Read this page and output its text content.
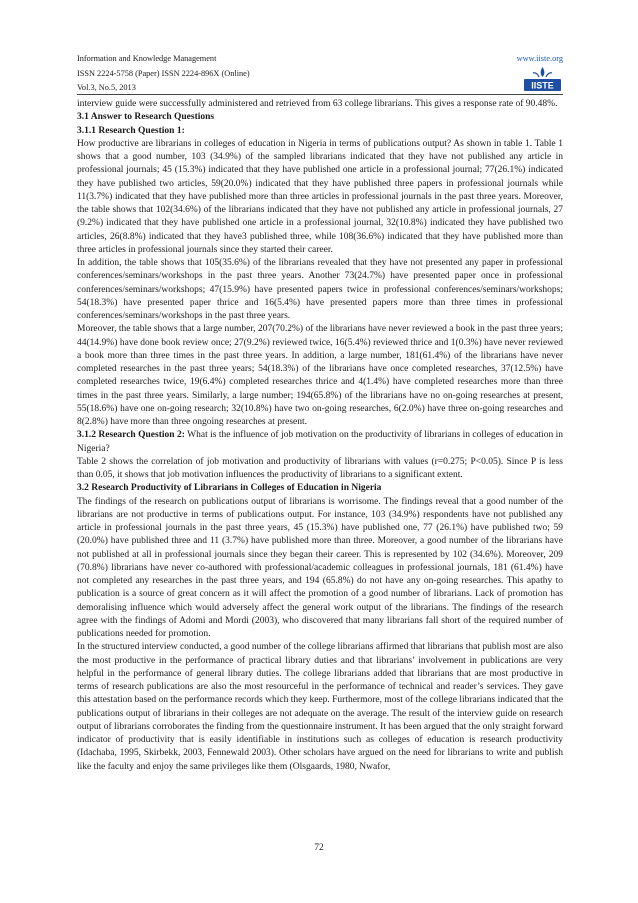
Information and Knowledge Management
ISSN 2224-5758 (Paper) ISSN 2224-896X (Online)
Vol.3, No.5, 2013
www.iiste.org
IISTE

interview guide were successfully administered and retrieved from 63 college librarians. This gives a response rate of 90.48%.

3.1 Answer to Research Questions
3.1.1 Research Question 1:

How productive are librarians in colleges of education in Nigeria in terms of publications output? As shown in table 1. Table 1 shows that a good number, 103 (34.9%) of the sampled librarians indicated that they have not published any article in professional journals; 45 (15.3%) indicated that they have published one article in a professional journal; 77(26.1%) indicated they have published two articles, 59(20.0%) indicated that they have published three papers in professional journals while 11(3.7%) indicated that they have published more than three articles in professional journals in the past three years. Moreover, the table shows that 102(34.6%) of the librarians indicated that they have not published any article in professional journals, 27 (9.2%) indicated that they have published one article in a professional journal, 32(10.8%) indicated they have published two articles, 26(8.8%) indicated that they have3 published three, while 108(36.6%) indicated that they have published more than three articles in professional journals since they started their career.

In addition, the table shows that 105(35.6%) of the librarians revealed that they have not presented any paper in professional conferences/seminars/workshops in the past three years. Another 73(24.7%) have presented paper once in professional conferences/seminars/workshops; 47(15.9%) have presented papers twice in professional conferences/seminars/workshops; 54(18.3%) have presented paper thrice and 16(5.4%) have presented papers more than three times in professional conferences/seminars/workshops in the past three years.

Moreover, the table shows that a large number, 207(70.2%) of the librarians have never reviewed a book in the past three years; 44(14.9%) have done book review once; 27(9.2%) reviewed twice, 16(5.4%) reviewed thrice and 1(0.3%) have never reviewed a book more than three times in the past three years. In addition, a large number, 181(61.4%) of the librarians have never completed researches in the past three years; 54(18.3%) of the librarians have once completed researches, 37(12.5%) have completed researches twice, 19(6.4%) completed researches thrice and 4(1.4%) have completed researches more than three times in the past three years. Similarly, a large number; 194(65.8%) of the librarians have no on-going researches at present, 55(18.6%) have one on-going research; 32(10.8%) have two on-going researches, 6(2.0%) have three on-going researches and 8(2.8%) have more than three ongoing researches at present.

3.1.2 Research Question 2: What is the influence of job motivation on the productivity of librarians in colleges of education in Nigeria?

Table 2 shows the correlation of job motivation and productivity of librarians with values (r=0.275; P<0.05). Since P is less than 0.05, it shows that job motivation influences the productivity of librarians to a significant extent.

3.2 Research Productivity of Librarians in Colleges of Education in Nigeria

The findings of the research on publications output of librarians is worrisome. The findings reveal that a good number of the librarians are not productive in terms of publications output. For instance, 103 (34.9%) respondents have not published any article in professional journals in the past three years, 45 (15.3%) have published one, 77 (26.1%) have published two; 59 (20.0%) have published three and 11 (3.7%) have published more than three. Moreover, a good number of the librarians have not published at all in professional journals since they began their career. This is represented by 102 (34.6%). Moreover, 209 (70.8%) librarians have never co-authored with professional/academic colleagues in professional journals, 181 (61.4%) have not completed any researches in the past three years, and 194 (65.8%) do not have any on-going researches. This apathy to publication is a source of great concern as it will affect the promotion of a good number of librarians. Lack of promotion has demoralising influence which would adversely affect the general work output of the librarians. The findings of the research agree with the findings of Adomi and Mordi (2003), who discovered that many librarians fall short of the required number of publications needed for promotion.

In the structured interview conducted, a good number of the college librarians affirmed that librarians that publish most are also the most productive in the performance of practical library duties and that librarians’ involvement in publications are very helpful in the performance of general library duties. The college librarians added that librarians that are most productive in terms of research publications are also the most resourceful in the performance of technical and reader’s services. They gave this attestation based on the performance records which they keep. Furthermore, most of the college librarians indicated that the publications output of librarians in their colleges are not adequate on the average. The result of the interview guide on research output of librarians corroborates the finding from the questionnaire instrument. It has been argued that the only straight forward indicator of productivity that is easily identifiable in institutions such as colleges of education is research productivity (Idachaba, 1995, Skirbekk, 2003, Fennewald 2003). Other scholars have argued on the need for librarians to write and publish like the faculty and enjoy the same privileges like them (Olsgaards, 1980, Nwafor,

72
